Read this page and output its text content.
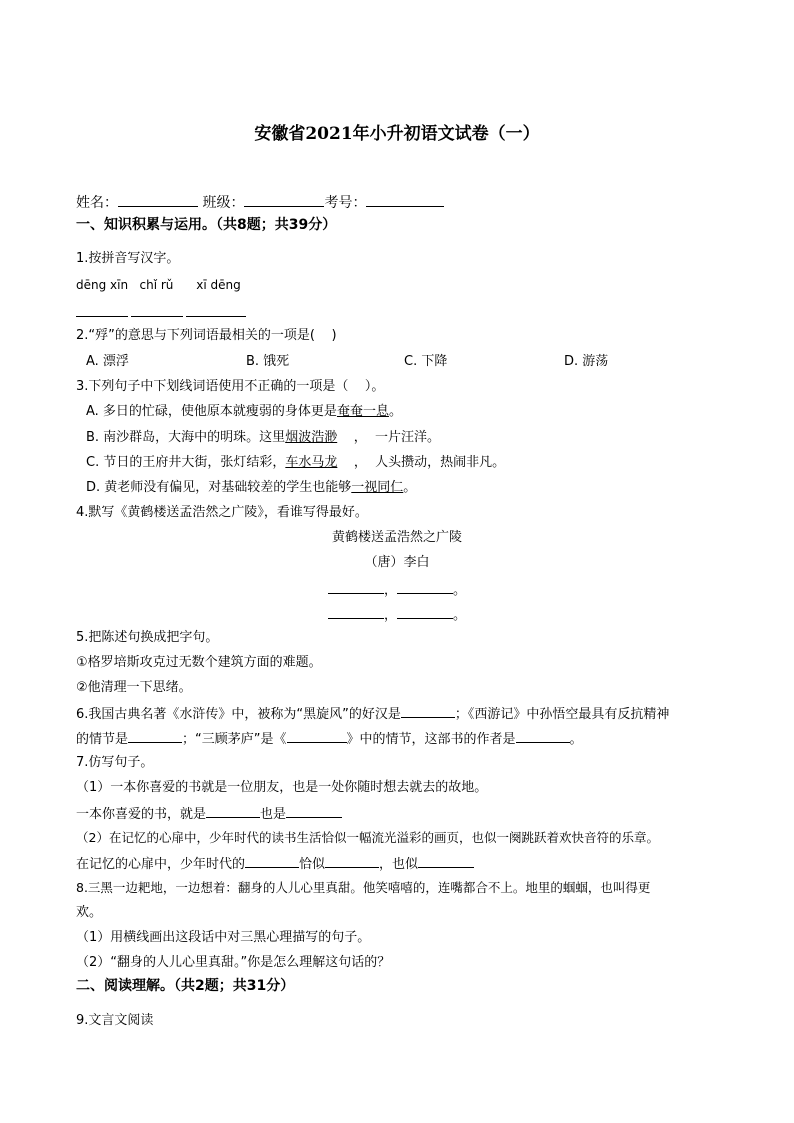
安徽省2021年小升初语文试卷（一）
姓名：	班级：	考号：
一、知识积累与运用。（共8题；共39分）
1.按拼音写汉字。
dēng xīn   chǐ rǔ      xī dēng
2.“殍”的意思与下列词语最相关的一项是(    )
A. 漂浮	B. 饿死	C. 下降	D. 游荡
3.下列句子中下划线词语使用不正确的一项是（    ）。
A. 多日的忙碌，使他原本就瘦弱的身体更是奄奄一息。
B. 南沙群岛，大海中的明珠。这里烟波浩渺    ，  一片汪洋。
C. 节日的王府井大街，张灯结彩，车水马龙    ，  人头攒动，热闹非凡。
D. 黄老师没有偏见，对基础较差的学生也能够一视同仁。
4.默写《黄鹤楼送孟浩然之广陵》，看谁写得最好。
黄鹤楼送孟浩然之广陵
（唐）李白
，	。
，	。
5.把陈述句换成把字句。
①格罗培斯攻克过无数个建筑方面的难题。
②他清理一下思绪。
6.我国古典名著《水浒传》中，被称为“黑旋风”的好汉是	；《西游记》中孙悟空最具有反抗精神
的情节是	；“三顾茅庐”是《	》中的情节，这部书的作者是	。
7.仿写句子。
（1）一本你喜爱的书就是一位朋友，也是一处你随时想去就去的故地。
一本你喜爱的书，就是	也是
（2）在记忆的心扉中，少年时代的读书生活恰似一幅流光溢彩的画页，也似一阕跳跃着欢快音符的乐章。
在记忆的心扉中，少年时代的	恰似	，也似
8.三黑一边耙地，一边想着：翻身的人儿心里真甜。他笑嘻嘻的，连嘴都合不上。地里的蝈蝈，也叫得更
欢。
（1）用横线画出这段话中对三黑心理描写的句子。
（2）“翻身的人儿心里真甜。”你是怎么理解这句话的？
二、阅读理解。（共2题；共31分）
9.文言文阅读
